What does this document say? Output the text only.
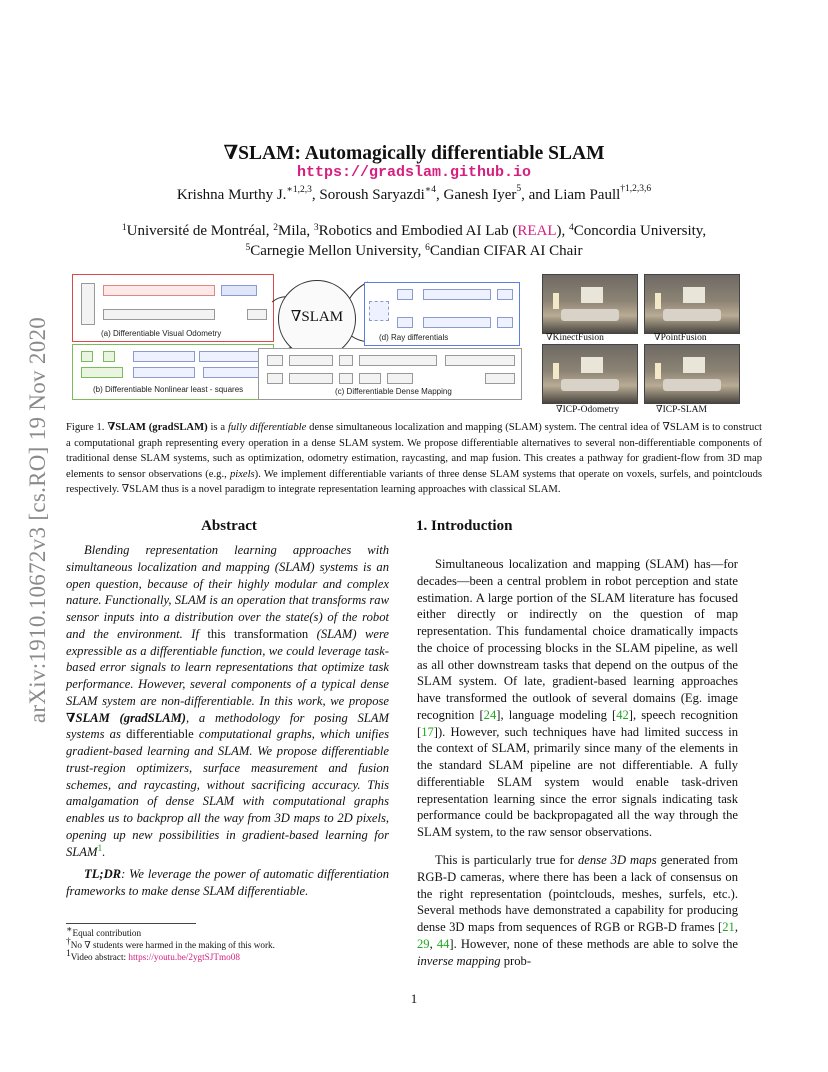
arXiv:1910.10672v3 [cs.RO] 19 Nov 2020
∇SLAM: Automagically differentiable SLAM
https://gradslam.github.io
Krishna Murthy J.$^{∗1,2,3}$, Soroush Saryazdi$^{∗4}$, Ganesh Iyer$^5$, and Liam Paull$^{\dagger 1,2,3,6}$
$^1$Université de Montréal, $^2$Mila, $^3$Robotics and Embodied AI Lab (REAL), $^4$Concordia University,
$^5$Carnegie Mellon University, $^6$Candian CIFAR AI Chair
(a) Differentiable Visual Odometry
(b) Differentiable Nonlinear least - squares
∇SLAM
(d) Ray differentials
(c) Differentiable Dense Mapping
∇KinectFusion	∇PointFusion
∇ICP-Odometry	∇ICP-SLAM
Figure 1. ∇SLAM (gradSLAM) is a fully differentiable dense simultaneous localization and mapping (SLAM) system. The central idea of ∇SLAM is to construct a computational graph representing every operation in a dense SLAM system. We propose differentiable alternatives to several non-differentiable components of traditional dense SLAM systems, such as optimization, odometry estimation, raycasting, and map fusion. This creates a pathway for gradient-flow from 3D map elements to sensor observations (e.g., pixels). We implement differentiable variants of three dense SLAM systems that operate on voxels, surfels, and pointclouds respectively. ∇SLAM thus is a novel paradigm to integrate representation learning approaches with classical SLAM.
Abstract
Blending representation learning approaches with simultaneous localization and mapping (SLAM) systems is an open question, because of their highly modular and complex nature. Functionally, SLAM is an operation that transforms raw sensor inputs into a distribution over the state(s) of the robot and the environment. If this transformation (SLAM) were expressible as a differentiable function, we could leverage task-based error signals to learn representations that optimize task performance. However, several components of a typical dense SLAM system are non-differentiable. In this work, we propose ∇SLAM (gradSLAM), a methodology for posing SLAM systems as differentiable computational graphs, which unifies gradient-based learning and SLAM. We propose differentiable trust-region optimizers, surface measurement and fusion schemes, and raycasting, without sacrificing accuracy. This amalgamation of dense SLAM with computational graphs enables us to backprop all the way from 3D maps to 2D pixels, opening up new possibilities in gradient-based learning for SLAM$^1$.
TL;DR: We leverage the power of automatic differentiation frameworks to make dense SLAM differentiable.
1. Introduction
Simultaneous localization and mapping (SLAM) has—for decades—been a central problem in robot perception and state estimation. A large portion of the SLAM literature has focused either directly or indirectly on the question of map representation. This fundamental choice dramatically impacts the choice of processing blocks in the SLAM pipeline, as well as all other downstream tasks that depend on the outpus of the SLAM system. Of late, gradient-based learning approaches have transformed the outlook of several domains (Eg. image recognition [24], language modeling [42], speech recognition [17]). However, such techniques have had limited success in the context of SLAM, primarily since many of the elements in the standard SLAM pipeline are not differentiable. A fully differentiable SLAM system would enable task-driven representation learning since the error signals indicating task performance could be backpropagated all the way through the SLAM system, to the raw sensor observations.
This is particularly true for dense 3D maps generated from RGB-D cameras, where there has been a lack of consensus on the right representation (pointclouds, meshes, surfels, etc.). Several methods have demonstrated a capability for producing dense 3D maps from sequences of RGB or RGB-D frames [21, 29, 44]. However, none of these methods are able to solve the inverse mapping prob-
∗Equal contribution
†No ∇ students were harmed in the making of this work.
$^1$Video abstract: https://youtu.be/2ygtSJTmo08
1
